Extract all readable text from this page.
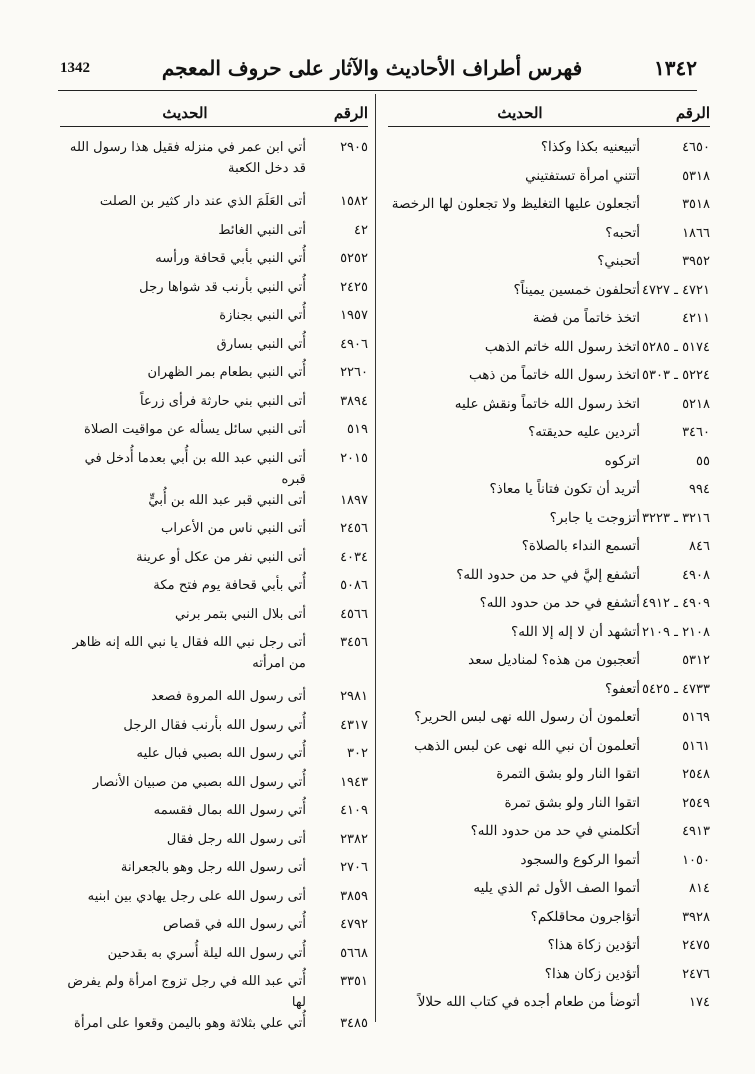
1342	فهرس أطراف الأحاديث والآثار على حروف المعجم	١٣٤٢
الرقم
الحديث
٤٦٥٠
أتبيعنيه بكذا وكذا؟
٥٣١٨
أتتني امرأة تستفتيني
٣٥١٨
أتجعلون عليها التغليظ ولا تجعلون لها الرخصة
١٨٦٦
أتحبه؟
٣٩٥٢
أتحبني؟
٤٧٢١ ـ ٤٧٢٧
أتحلفون خمسين يميناً؟
٤٢١١
اتخذ خاتماً من فضة
٥١٧٤ ـ ٥٢٨٥
اتخذ رسول الله خاتم الذهب
٥٢٢٤ ـ ٥٣٠٣
اتخذ رسول الله خاتماً من ذهب
٥٢١٨
اتخذ رسول الله خاتماً ونقش عليه
٣٤٦٠
أتردين عليه حديقته؟
٥٥
اتركوه
٩٩٤
أتريد أن تكون فتاناً يا معاذ؟
٣٢١٦ ـ ٣٢٢٣
أتزوجت يا جابر؟
٨٤٦
أتسمع النداء بالصلاة؟
٤٩٠٨
أتشفع إليَّ في حد من حدود الله؟
٤٩٠٩ ـ ٤٩١٢
أتشفع في حد من حدود الله؟
٢١٠٨ ـ ٢١٠٩
أتشهد أن لا إله إلا الله؟
٥٣١٢
أتعجبون من هذه؟ لمناديل سعد
٤٧٣٣ ـ ٥٤٢٥
أتعفو؟
٥١٦٩
أتعلمون أن رسول الله نهى لبس الحرير؟
٥١٦١
أتعلمون أن نبي الله نهى عن لبس الذهب
٢٥٤٨
اتقوا النار ولو بشق التمرة
٢٥٤٩
اتقوا النار ولو بشق تمرة
٤٩١٣
أتكلمني في حد من حدود الله؟
١٠٥٠
أتموا الركوع والسجود
٨١٤
أتموا الصف الأول ثم الذي يليه
٣٩٢٨
أتؤاجرون محاقلكم؟
٢٤٧٥
أتؤدين زكاة هذا؟
٢٤٧٦
أتؤدين زكان هذا؟
١٧٤
أتوضأ من طعام أجده في كتاب الله حلالاً
الرقم
الحديث
٢٩٠٥
أتي ابن عمر في منزله فقيل هذا رسول الله قد دخل الكعبة
١٥٨٢
أتى العَلَمَ الذي عند دار كثير بن الصلت
٤٢
أتى النبي الغائط
٥٢٥٢
أُتي النبي بأبي قحافة ورأسه
٢٤٢٥
أُتي النبي بأرنب قد شواها رجل
١٩٥٧
أُتي النبي بجنازة
٤٩٠٦
أُتي النبي بسارق
٢٢٦٠
أُتي النبي بطعام بمر الظهران
٣٨٩٤
أتى النبي بني حارثة فرأى زرعاً
٥١٩
أتى النبي سائل يسأله عن مواقيت الصلاة
٢٠١٥
أتى النبي عبد الله بن أُبي بعدما أُدخل في قبره
١٨٩٧
أتى النبي قبر عبد الله بن أُبيٍّ
٢٤٥٦
أتى النبي ناس من الأعراب
٤٠٣٤
أتى النبي نفر من عكل أو عرينة
٥٠٨٦
أُتي بأبي قحافة يوم فتح مكة
٤٥٦٦
أتى بلال النبي بتمر برني
٣٤٥٦
أتى رجل نبي الله فقال يا نبي الله إنه ظاهر من امرأته
٢٩٨١
أتى رسول الله المروة فصعد
٤٣١٧
أُتي رسول الله بأرنب فقال الرجل
٣٠٢
أُتي رسول الله بصبي فبال عليه
١٩٤٣
أُتي رسول الله بصبي من صبيان الأنصار
٤١٠٩
أُتي رسول الله بمال فقسمه
٢٣٨٢
أتى رسول الله رجل فقال
٢٧٠٦
أتى رسول الله رجل وهو بالجعرانة
٣٨٥٩
أتى رسول الله على رجل يهادي بين ابنيه
٤٧٩٢
أُتي رسول الله في قصاص
٥٦٦٨
أُتي رسول الله ليلة أُسري به بقدحين
٣٣٥١
أُتي عبد الله في رجل تزوج امرأة ولم يفرض لها
٣٤٨٥
أُتي علي بثلاثة وهو باليمن وقعوا على امرأة
